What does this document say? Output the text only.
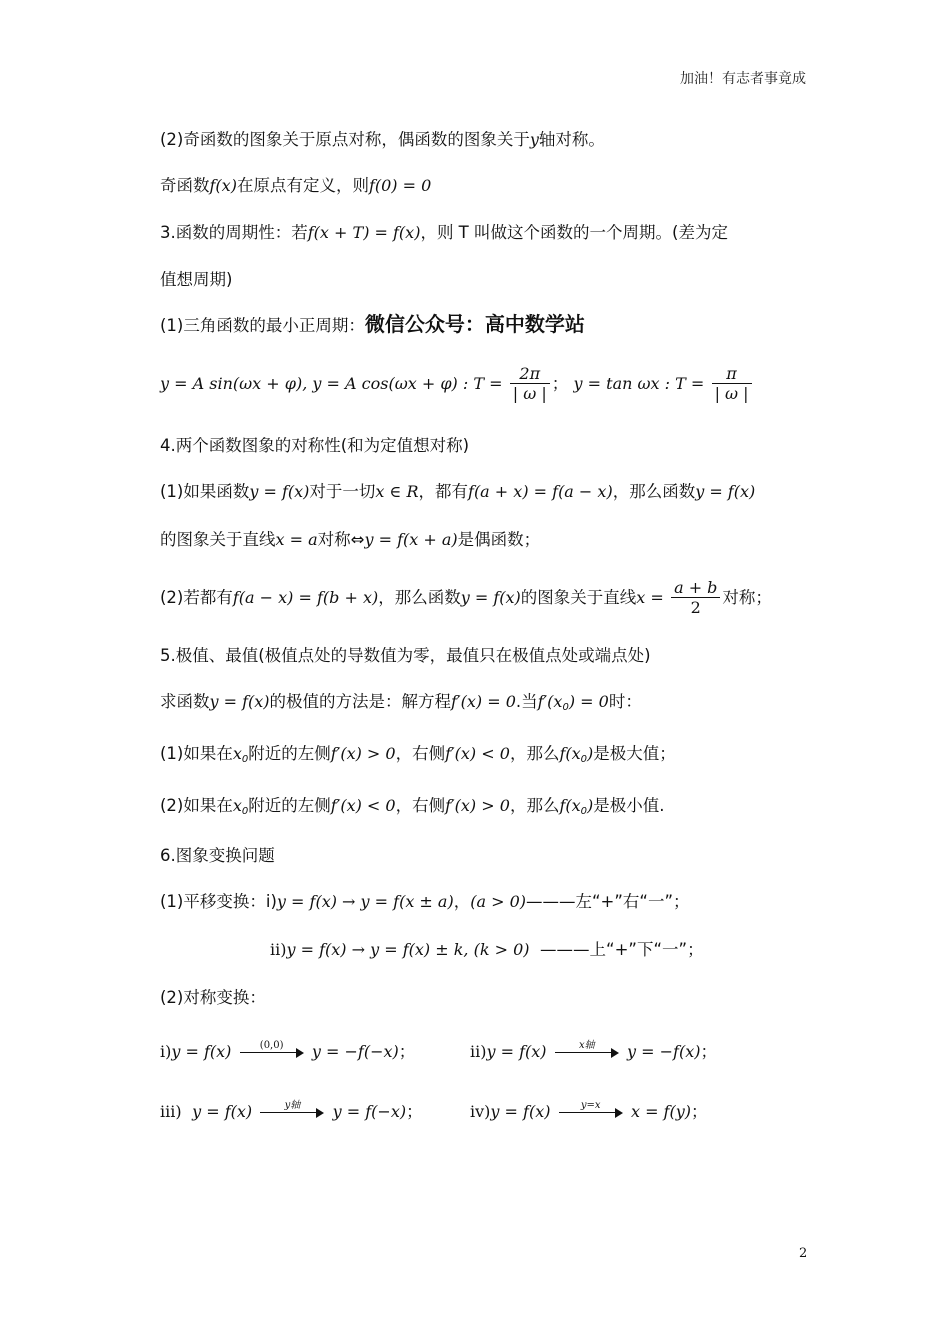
加油！有志者事竟成
(2)奇函数的图象关于原点对称，偶函数的图象关于y轴对称。
奇函数f(x)在原点有定义，则f(0) = 0
3.函数的周期性：若f(x + T) = f(x)，则 T 叫做这个函数的一个周期。(差为定
值想周期)
(1)三角函数的最小正周期：微信公众号：高中数学站
y = A sin(ωx + φ), y = A cos(ωx + φ) : $T = \frac{2\pi}{| \omega |}$ ； y = tan ωx : $T = \frac{\pi}{| \omega |}$
4.两个函数图象的对称性(和为定值想对称)
(1)如果函数y = f(x)对于一切x ∈ R，都有f(a + x) = f(a − x)，那么函数y = f(x)
的图象关于直线x = a对称⇔y = f(x + a)是偶函数；
(2)若都有f(a − x) = f(b + x)，那么函数y = f(x)的图象关于直线$x = \frac{a + b}{2}$ 对称；
5.极值、最值(极值点处的导数值为零，最值只在极值点处或端点处)
求函数y = f(x)的极值的方法是：解方程f′(x) = 0.当$f'(x_0) = 0$时：
(1)如果在$x_0$附近的左侧f′(x) > 0，右侧f′(x) < 0，那么$f(x_0)$是极大值；
(2)如果在$x_0$附近的左侧f′(x) < 0，右侧f′(x) > 0，那么$f(x_0)$是极小值.
6.图象变换问题
(1)平移变换：i)y = f(x) → y = f(x ± a)，(a > 0)———左“+”右“一”；
ii)y = f(x) → y = f(x) ± k, (k > 0) ———上“+”下“一”；
(2)对称变换：
i)y = f(x)	(0,0)	y = −f(−x)；	ii)y = f(x)	x轴	y = −f(x)；
iii) y = f(x)	y轴	y = f(−x)；	iv)y = f(x)	y=x	x = f(y)；
2
